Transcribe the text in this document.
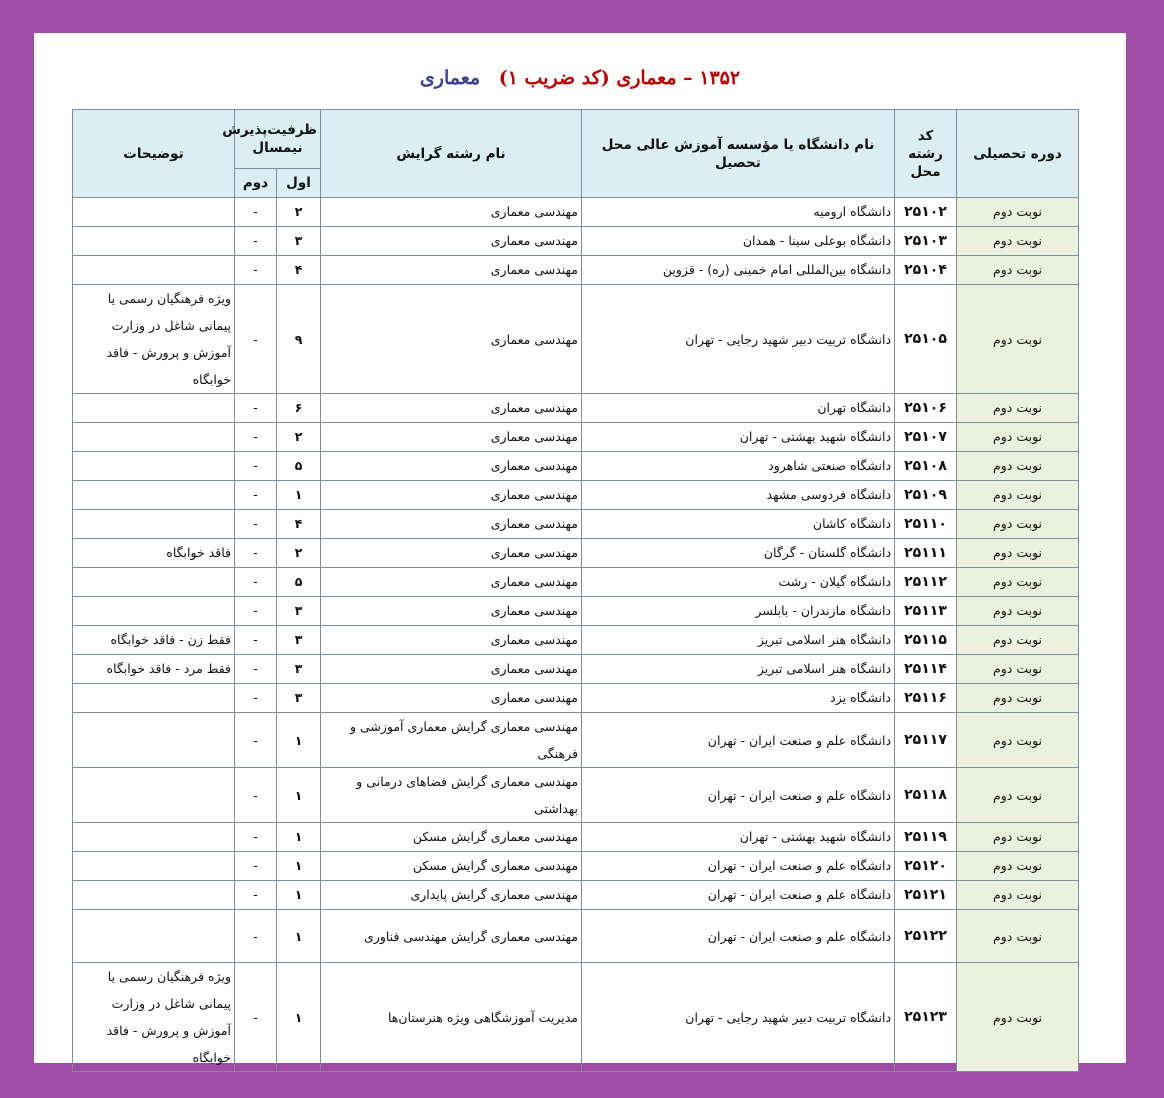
۱۳۵۲ – معماری (کد ضریب ۱) معماری
دوره تحصیلی	کد رشته محل	نام دانشگاه یا مؤسسه آموزش عالی محل تحصیل	نام رشته گرایش	ظرفیت‌پذیرش نیمسال		توضیحات
				اول	دوم	
نوبت دوم	۲۵۱۰۲	دانشگاه ارومیه	مهندسی معماری	۲	-	
نوبت دوم	۲۵۱۰۳	دانشگاه بوعلی سینا - همدان	مهندسی معماری	۳	-	
نوبت دوم	۲۵۱۰۴	دانشگاه بین‌المللی امام خمینی (ره) - قزوین	مهندسی معماری	۴	-	
نوبت دوم	۲۵۱۰۵	دانشگاه تربیت دبیر شهید رجایی - تهران	مهندسی معماری	۹	-	ویژه فرهنگیان رسمی یا پیمانی شاغل در وزارت آموزش و پرورش - فاقد خوابگاه
نوبت دوم	۲۵۱۰۶	دانشگاه تهران	مهندسی معماری	۶	-	
نوبت دوم	۲۵۱۰۷	دانشگاه شهید بهشتی - تهران	مهندسی معماری	۲	-	
نوبت دوم	۲۵۱۰۸	دانشگاه صنعتی شاهرود	مهندسی معماری	۵	-	
نوبت دوم	۲۵۱۰۹	دانشگاه فردوسی مشهد	مهندسی معماری	۱	-	
نوبت دوم	۲۵۱۱۰	دانشگاه کاشان	مهندسی معماری	۴	-	
نوبت دوم	۲۵۱۱۱	دانشگاه گلستان - گرگان	مهندسی معماری	۲	-	فاقد خوابگاه
نوبت دوم	۲۵۱۱۲	دانشگاه گیلان - رشت	مهندسی معماری	۵	-	
نوبت دوم	۲۵۱۱۳	دانشگاه مازندران - بابلسر	مهندسی معماری	۳	-	
نوبت دوم	۲۵۱۱۵	دانشگاه هنر اسلامی تبریز	مهندسی معماری	۳	-	فقط زن - فاقد خوابگاه
نوبت دوم	۲۵۱۱۴	دانشگاه هنر اسلامی تبریز	مهندسی معماری	۳	-	فقط مرد - فاقد خوابگاه
نوبت دوم	۲۵۱۱۶	دانشگاه یزد	مهندسی معماری	۳	-	
نوبت دوم	۲۵۱۱۷	دانشگاه علم و صنعت ایران - تهران	مهندسی معماری گرایش معماری آموزشی و فرهنگی	۱	-	
نوبت دوم	۲۵۱۱۸	دانشگاه علم و صنعت ایران - تهران	مهندسی معماری گرایش فضاهای درمانی و بهداشتی	۱	-	
نوبت دوم	۲۵۱۱۹	دانشگاه شهید بهشتی - تهران	مهندسی معماری گرایش مسکن	۱	-	
نوبت دوم	۲۵۱۲۰	دانشگاه علم و صنعت ایران - تهران	مهندسی معماری گرایش مسکن	۱	-	
نوبت دوم	۲۵۱۲۱	دانشگاه علم و صنعت ایران - تهران	مهندسی معماری گرایش پایداری	۱	-	
نوبت دوم	۲۵۱۲۲	دانشگاه علم و صنعت ایران - تهران	مهندسی معماری گرایش مهندسی فناوری	۱	-	
نوبت دوم	۲۵۱۲۳	دانشگاه تربیت دبیر شهید رجایی - تهران	مدیریت آموزشگاهی ویژه هنرستان‌ها	۱	-	ویژه فرهنگیان رسمی یا پیمانی شاغل در وزارت آموزش و پرورش - فاقد خوابگاه
